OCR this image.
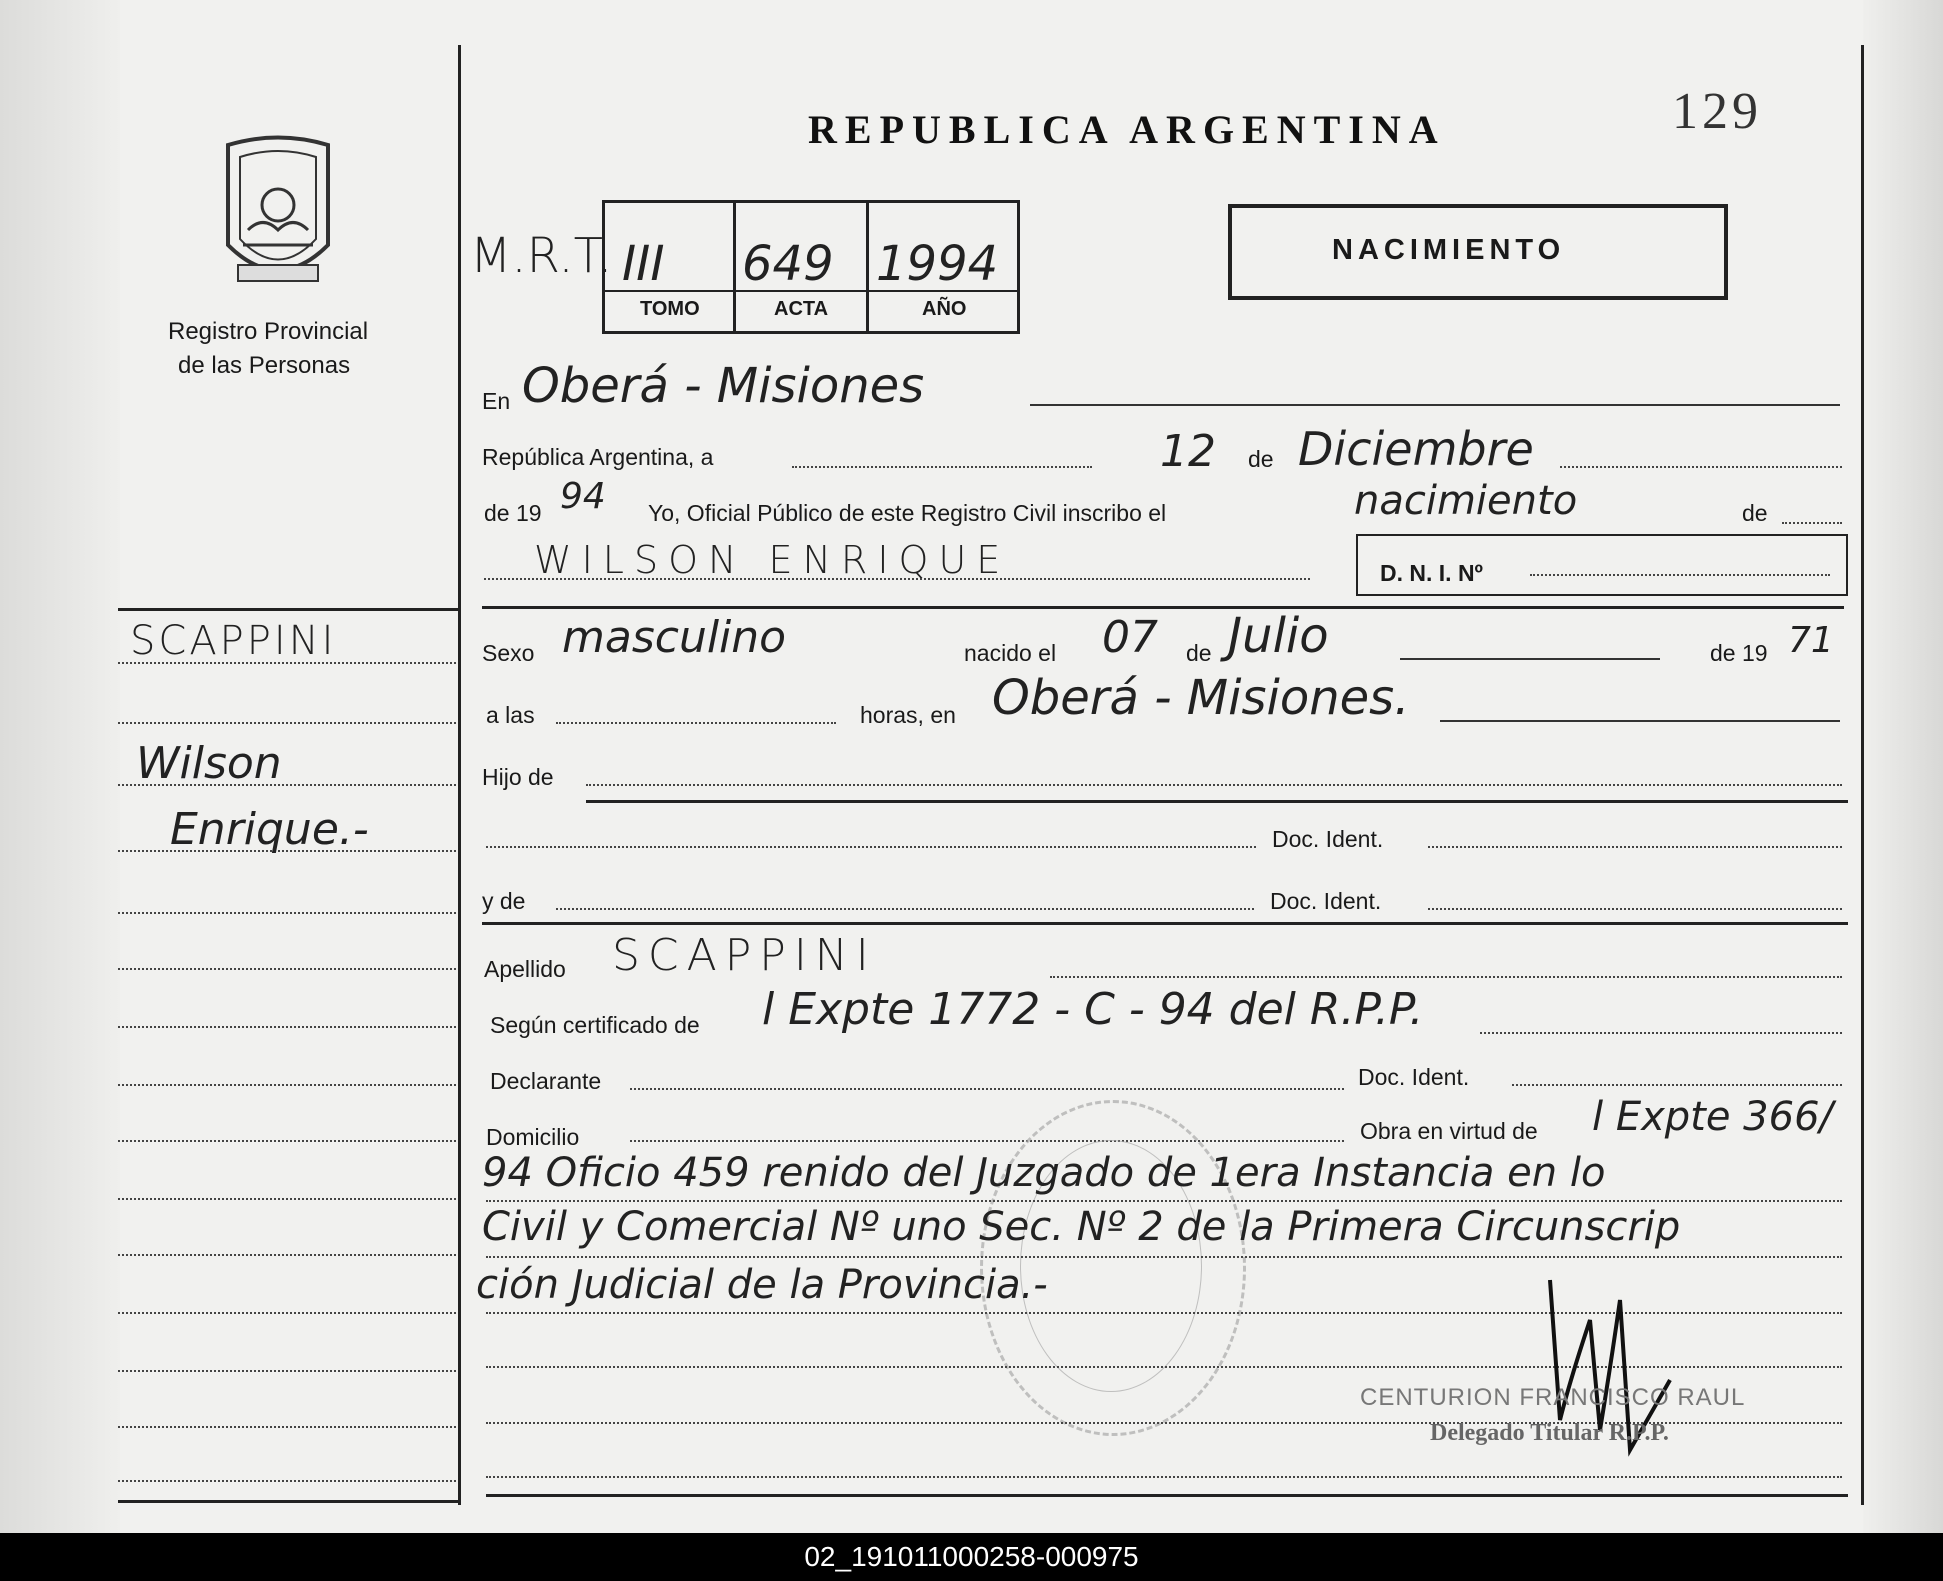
Registro Provincial
de las Personas
REPUBLICA ARGENTINA	129
M.R.T. III 649 1994
TOMO	ACTA	AÑO
NACIMIENTO
SCAPPINI
Wilson
Enrique.-
En Oberá - Misiones
República Argentina, a	12 de Diciembre
de 19 94 Yo, Oficial Público de este Registro Civil inscribo el	nacimiento	de
WILSON ENRIQUE	D. N. I. Nº
Sexo masculino	nacido el 07 de Julio	de 19 71
a las	horas, en Oberá - Misiones.
Hijo de
Doc. Ident.
y de	Doc. Ident.
Apellido SCAPPINI
Según certificado de l Expte 1772 - C - 94 del R.P.P.
Declarante	Doc. Ident.
Domicilio	Obra en virtud de l Expte 366/
94 Oficio 459 renido del Juzgado de 1era Instancia en lo
Civil y Comercial Nº uno Sec. Nº 2 de la Primera Circunscrip
ción Judicial de la Provincia.-
CENTURION FRANCISCO RAUL
Delegado Titular R.P.P.
02_191011000258-000975
